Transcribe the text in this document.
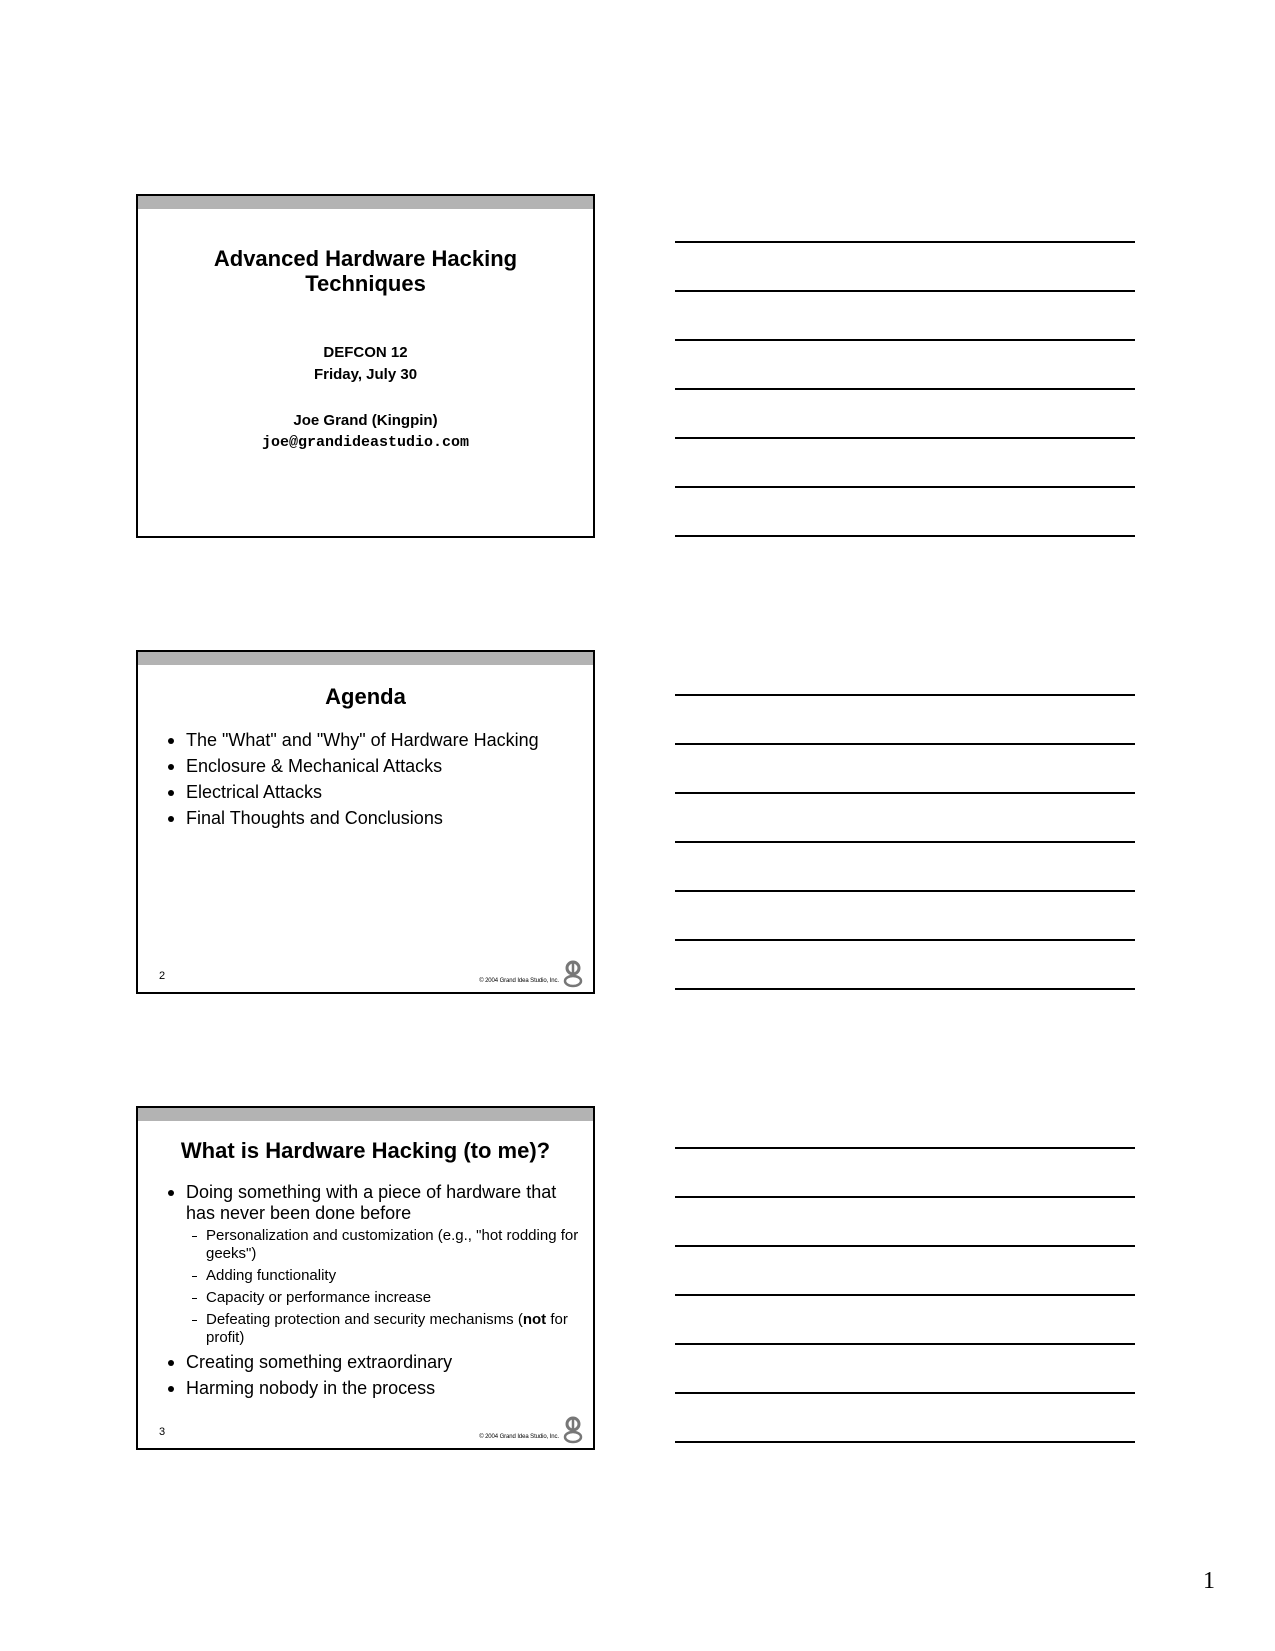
Advanced Hardware Hacking
Techniques
DEFCON 12
Friday, July 30
Joe Grand (Kingpin)
joe@grandideastudio.com
Agenda
The "What" and "Why" of Hardware Hacking
Enclosure & Mechanical Attacks
Electrical Attacks
Final Thoughts and Conclusions
2	© 2004 Grand Idea Studio, Inc.
What is Hardware Hacking (to me)?
Doing something with a piece of hardware that has never been done before
Personalization and customization (e.g., "hot rodding for geeks")
Adding functionality
Capacity or performance increase
Defeating protection and security mechanisms (not for profit)
Creating something extraordinary
Harming nobody in the process
3	© 2004 Grand Idea Studio, Inc.
1
